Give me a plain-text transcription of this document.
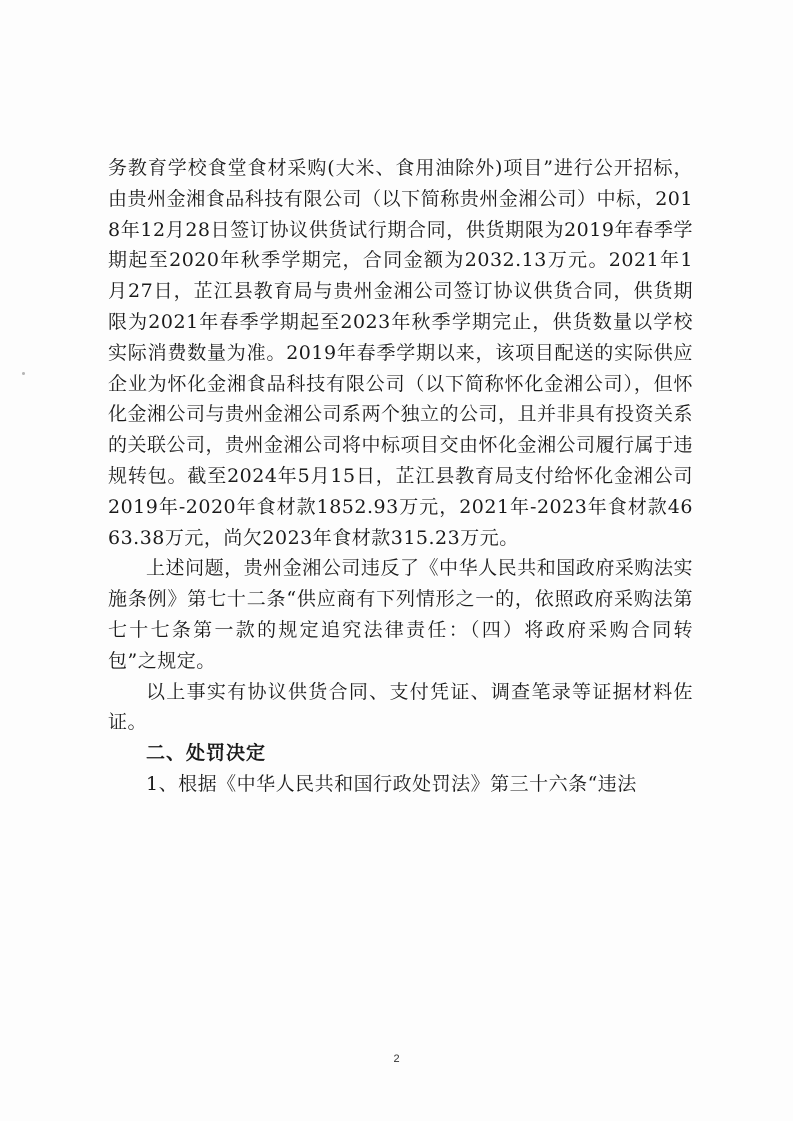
务教育学校食堂食材采购(大米、食用油除外)项目”进行公开招标，由贵州金湘食品科技有限公司（以下简称贵州金湘公司）中标，2018年12月28日签订协议供货试行期合同，供货期限为2019年春季学期起至2020年秋季学期完，合同金额为2032.13万元。2021年1月27日，芷江县教育局与贵州金湘公司签订协议供货合同，供货期限为2021年春季学期起至2023年秋季学期完止，供货数量以学校实际消费数量为准。2019年春季学期以来，该项目配送的实际供应企业为怀化金湘食品科技有限公司（以下简称怀化金湘公司），但怀化金湘公司与贵州金湘公司系两个独立的公司，且并非具有投资关系的关联公司，贵州金湘公司将中标项目交由怀化金湘公司履行属于违规转包。截至2024年5月15日，芷江县教育局支付给怀化金湘公司2019年-2020年食材款1852.93万元，2021年-2023年食材款4663.38万元，尚欠2023年食材款315.23万元。

上述问题，贵州金湘公司违反了《中华人民共和国政府采购法实施条例》第七十二条“供应商有下列情形之一的，依照政府采购法第七十七条第一款的规定追究法律责任：（四）将政府采购合同转包”之规定。

以上事实有协议供货合同、支付凭证、调查笔录等证据材料佐证。

二、处罚决定

1、根据《中华人民共和国行政处罚法》第三十六条“违法

2
